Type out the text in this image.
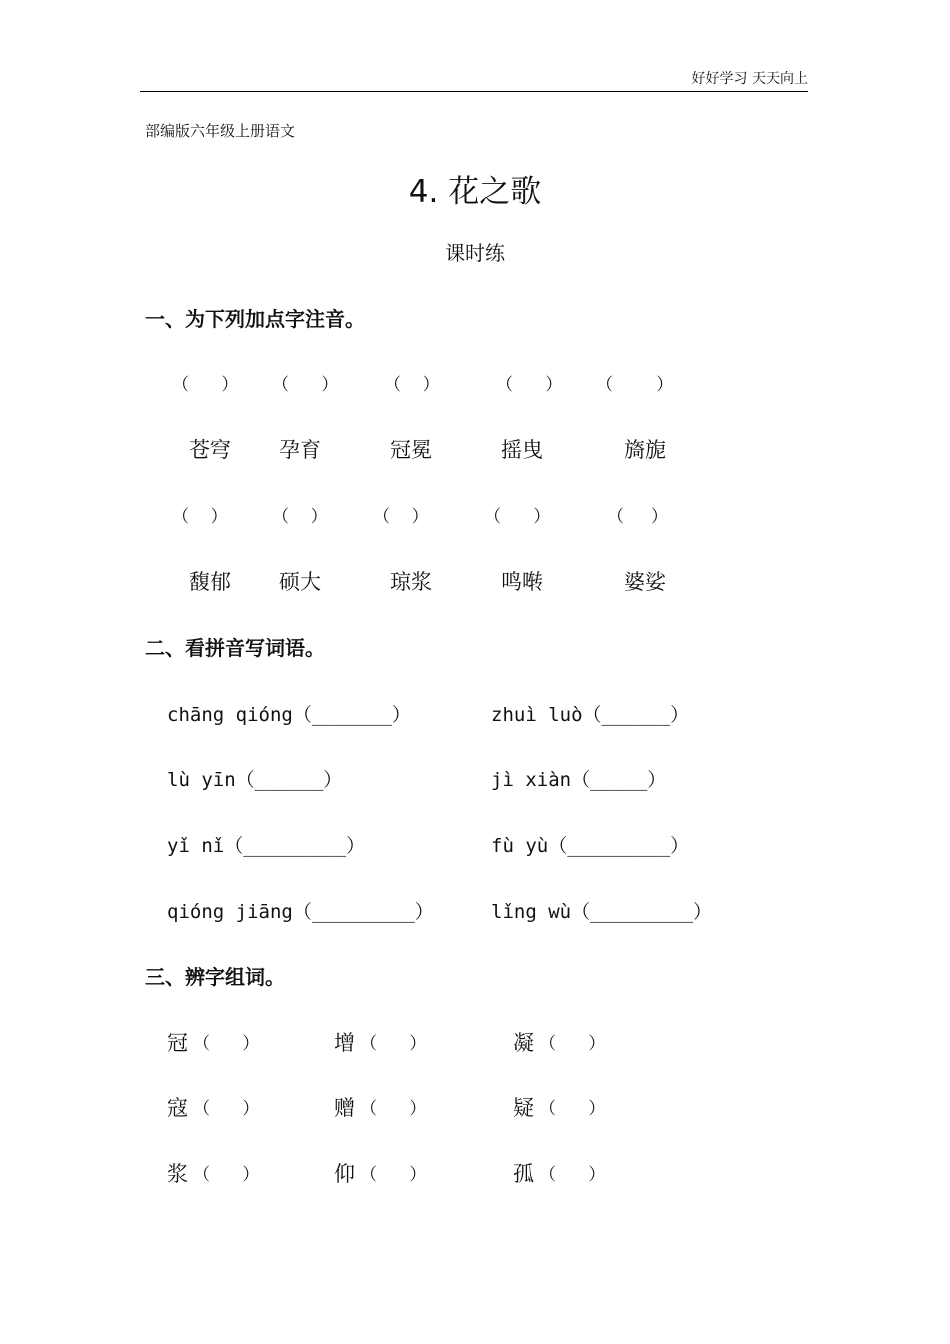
好好学习 天天向上
部编版六年级上册语文
4. 花之歌
课时练
一、为下列加点字注音。
（      ） （      ）	（    ）	（      ） （        ）
苍穹 孕育	冠冕	摇曳	旖旎
（    ）	（    ）	（    ）	（      ）	（     ）
馥郁 硕大	琼浆	鸣啭	婆娑
二、看拼音写词语。
chāng qióng（_______）	zhuì luò（______）
lù yīn（______）	jì xiàn（_____）
yǐ nǐ（_________）	fù yù（_________）
qióng jiāng（_________）	lǐng wù（_________）
三、辨字组词。
冠 （      ）	增 （      ）	凝 （      ）
寇 （      ）	赠 （      ）	疑 （      ）
浆 （      ）	仰 （      ）	孤 （      ）
